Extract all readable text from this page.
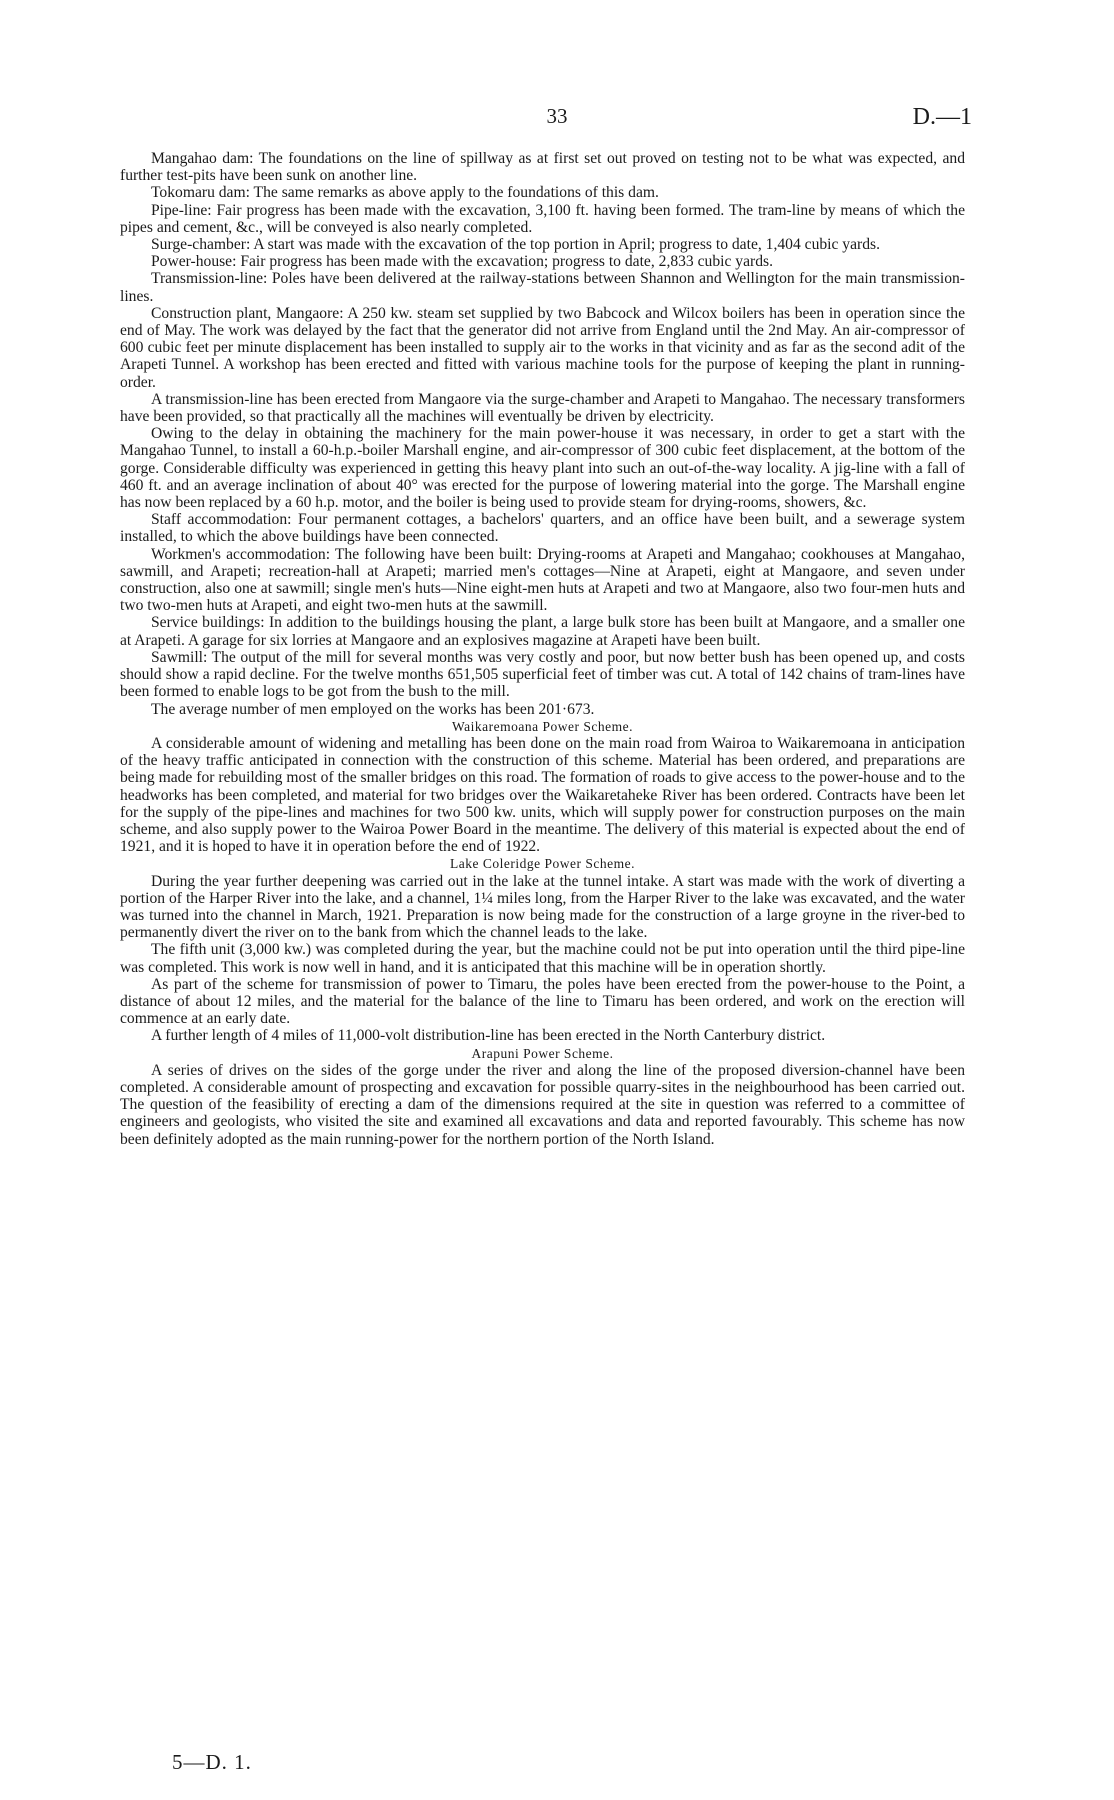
33	D.—1

Mangahao dam: The foundations on the line of spillway as at first set out proved on testing not to be what was expected, and further test-pits have been sunk on another line.

Tokomaru dam: The same remarks as above apply to the foundations of this dam.

Pipe-line: Fair progress has been made with the excavation, 3,100 ft. having been formed. The tram-line by means of which the pipes and cement, &c., will be conveyed is also nearly completed.

Surge-chamber: A start was made with the excavation of the top portion in April; progress to date, 1,404 cubic yards.

Power-house: Fair progress has been made with the excavation; progress to date, 2,833 cubic yards.

Transmission-line: Poles have been delivered at the railway-stations between Shannon and Wellington for the main transmission-lines.

Construction plant, Mangaore: A 250 kw. steam set supplied by two Babcock and Wilcox boilers has been in operation since the end of May. The work was delayed by the fact that the generator did not arrive from England until the 2nd May. An air-compressor of 600 cubic feet per minute displacement has been installed to supply air to the works in that vicinity and as far as the second adit of the Arapeti Tunnel. A workshop has been erected and fitted with various machine tools for the purpose of keeping the plant in running-order.

A transmission-line has been erected from Mangaore via the surge-chamber and Arapeti to Mangahao. The necessary transformers have been provided, so that practically all the machines will eventually be driven by electricity.

Owing to the delay in obtaining the machinery for the main power-house it was necessary, in order to get a start with the Mangahao Tunnel, to install a 60-h.p.-boiler Marshall engine, and air-compressor of 300 cubic feet displacement, at the bottom of the gorge. Considerable difficulty was experienced in getting this heavy plant into such an out-of-the-way locality. A jig-line with a fall of 460 ft. and an average inclination of about 40° was erected for the purpose of lowering material into the gorge. The Marshall engine has now been replaced by a 60 h.p. motor, and the boiler is being used to provide steam for drying-rooms, showers, &c.

Staff accommodation: Four permanent cottages, a bachelors' quarters, and an office have been built, and a sewerage system installed, to which the above buildings have been connected.

Workmen's accommodation: The following have been built: Drying-rooms at Arapeti and Mangahao; cookhouses at Mangahao, sawmill, and Arapeti; recreation-hall at Arapeti; married men's cottages—Nine at Arapeti, eight at Mangaore, and seven under construction, also one at sawmill; single men's huts—Nine eight-men huts at Arapeti and two at Mangaore, also two four-men huts and two two-men huts at Arapeti, and eight two-men huts at the sawmill.

Service buildings: In addition to the buildings housing the plant, a large bulk store has been built at Mangaore, and a smaller one at Arapeti. A garage for six lorries at Mangaore and an explosives magazine at Arapeti have been built.

Sawmill: The output of the mill for several months was very costly and poor, but now better bush has been opened up, and costs should show a rapid decline. For the twelve months 651,505 superficial feet of timber was cut. A total of 142 chains of tram-lines have been formed to enable logs to be got from the bush to the mill.

The average number of men employed on the works has been 201·673.

Waikaremoana Power Scheme.

A considerable amount of widening and metalling has been done on the main road from Wairoa to Waikaremoana in anticipation of the heavy traffic anticipated in connection with the construction of this scheme. Material has been ordered, and preparations are being made for rebuilding most of the smaller bridges on this road. The formation of roads to give access to the power-house and to the headworks has been completed, and material for two bridges over the Waikaretaheke River has been ordered. Contracts have been let for the supply of the pipe-lines and machines for two 500 kw. units, which will supply power for construction purposes on the main scheme, and also supply power to the Wairoa Power Board in the meantime. The delivery of this material is expected about the end of 1921, and it is hoped to have it in operation before the end of 1922.

Lake Coleridge Power Scheme.

During the year further deepening was carried out in the lake at the tunnel intake. A start was made with the work of diverting a portion of the Harper River into the lake, and a channel, 1¼ miles long, from the Harper River to the lake was excavated, and the water was turned into the channel in March, 1921. Preparation is now being made for the construction of a large groyne in the river-bed to permanently divert the river on to the bank from which the channel leads to the lake.

The fifth unit (3,000 kw.) was completed during the year, but the machine could not be put into operation until the third pipe-line was completed. This work is now well in hand, and it is anticipated that this machine will be in operation shortly.

As part of the scheme for transmission of power to Timaru, the poles have been erected from the power-house to the Point, a distance of about 12 miles, and the material for the balance of the line to Timaru has been ordered, and work on the erection will commence at an early date.

A further length of 4 miles of 11,000-volt distribution-line has been erected in the North Canterbury district.

Arapuni Power Scheme.

A series of drives on the sides of the gorge under the river and along the line of the proposed diversion-channel have been completed. A considerable amount of prospecting and excavation for possible quarry-sites in the neighbourhood has been carried out. The question of the feasibility of erecting a dam of the dimensions required at the site in question was referred to a committee of engineers and geologists, who visited the site and examined all excavations and data and reported favourably. This scheme has now been definitely adopted as the main running-power for the northern portion of the North Island.

5—D. 1.
